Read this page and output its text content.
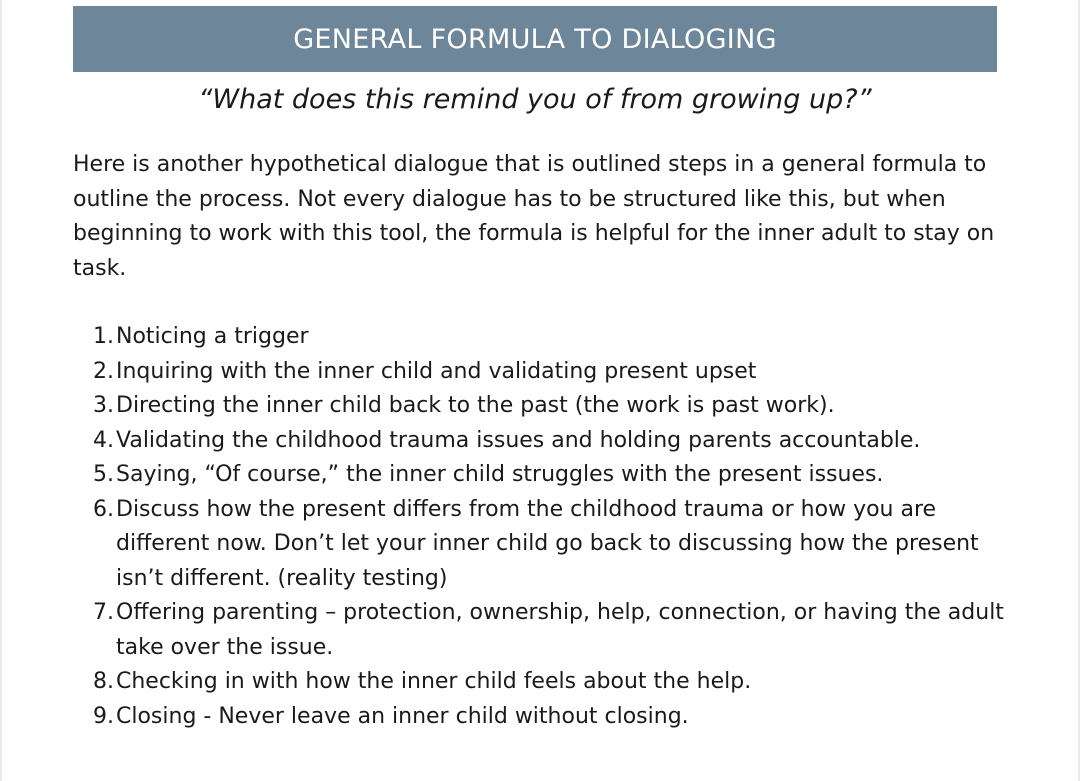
GENERAL FORMULA TO DIALOGING
“What does this remind you of from growing up?”

Here is another hypothetical dialogue that is outlined steps in a general formula to outline the process. Not every dialogue has to be structured like this, but when beginning to work with this tool, the formula is helpful for the inner adult to stay on task.

1. Noticing a trigger
2. Inquiring with the inner child and validating present upset
3. Directing the inner child back to the past (the work is past work).
4. Validating the childhood trauma issues and holding parents accountable.
5. Saying, “Of course,” the inner child struggles with the present issues.
6. Discuss how the present differs from the childhood trauma or how you are different now. Don’t let your inner child go back to discussing how the present isn’t different. (reality testing)
7. Offering parenting – protection, ownership, help, connection, or having the adult take over the issue.
8. Checking in with how the inner child feels about the help.
9. Closing - Never leave an inner child without closing.
